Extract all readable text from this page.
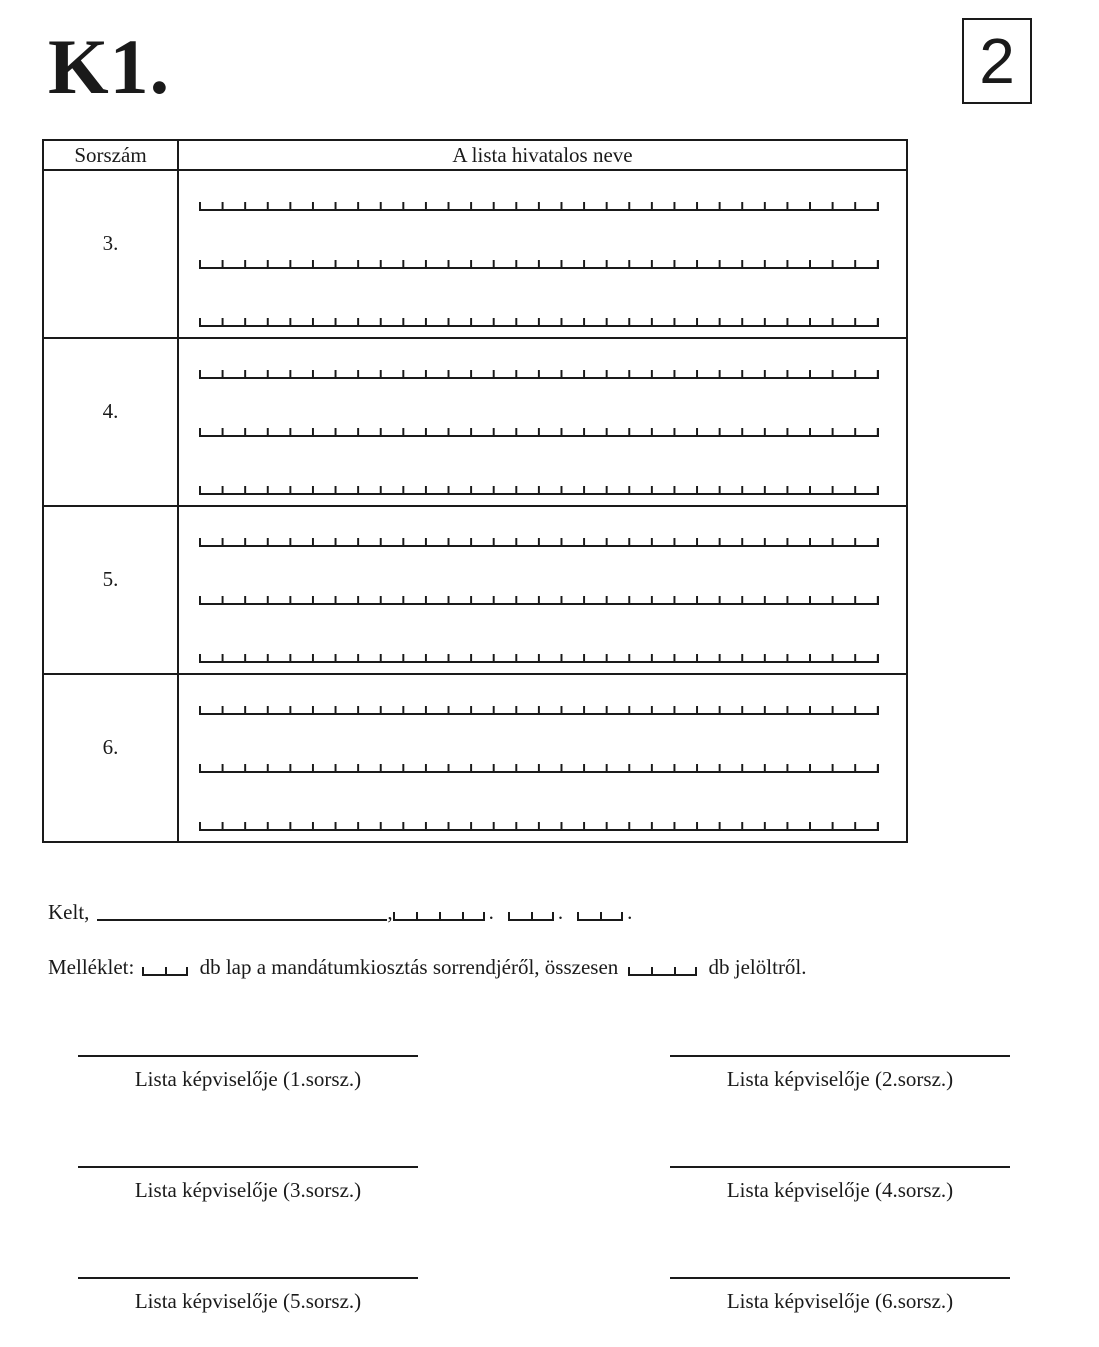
K1.	2
Sorszám	A lista hivatalos neve
3.	

4.	

5.	

6.	
Kelt,	,	.	.	.
Melléklet:	db lap a mandátumkiosztás sorrendjéről, összesen	db jelöltről.
Lista képviselője (1.sorsz.)	Lista képviselője (2.sorsz.)
Lista képviselője (3.sorsz.)	Lista képviselője (4.sorsz.)
Lista képviselője (5.sorsz.)	Lista képviselője (6.sorsz.)
